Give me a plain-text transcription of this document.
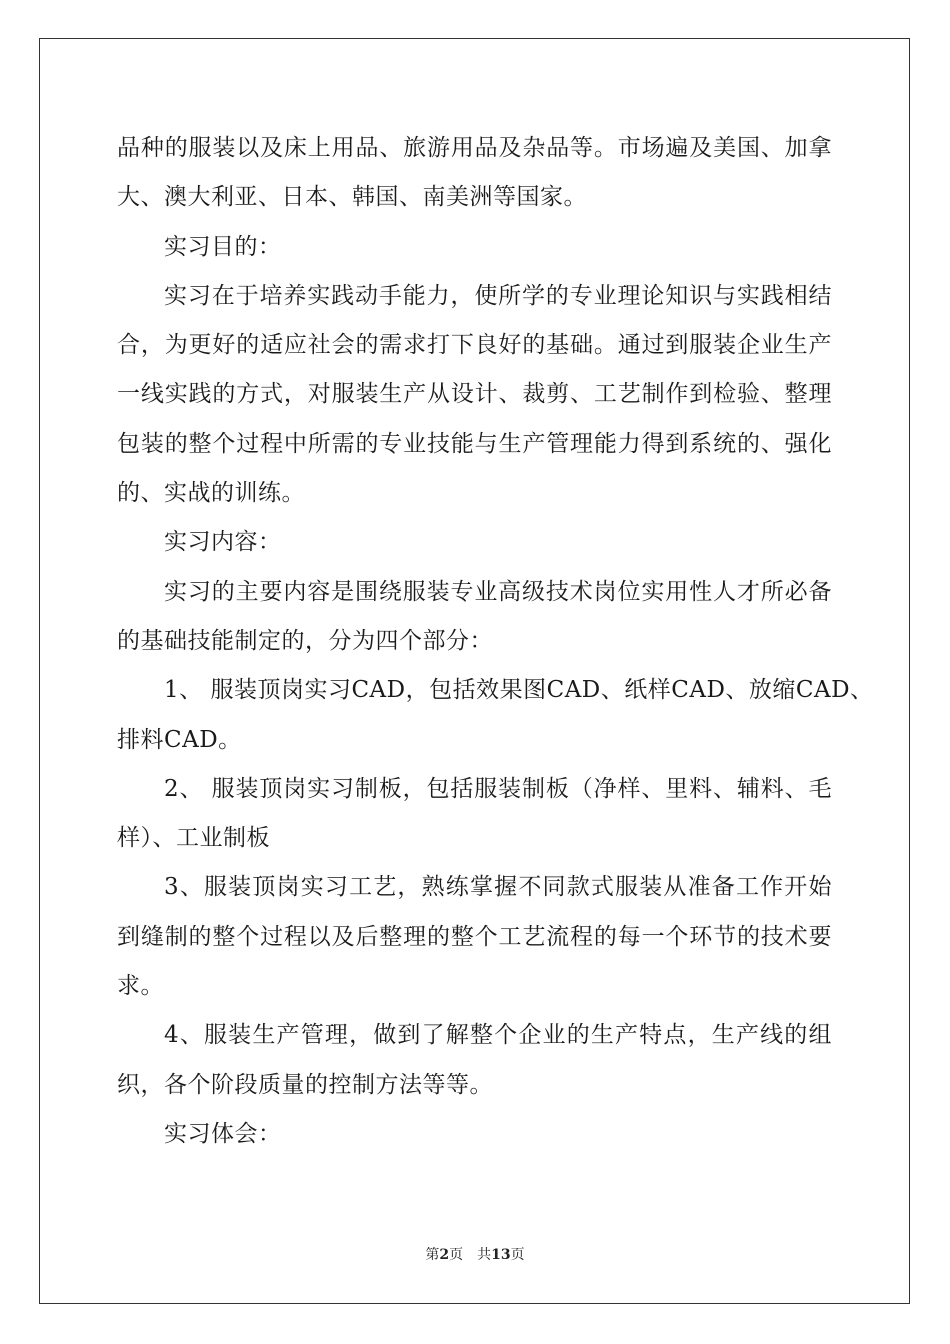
品种的服装以及床上用品、旅游用品及杂品等。市场遍及美国、加拿
大、澳大利亚、日本、韩国、南美洲等国家。
实习目的：
实习在于培养实践动手能力，使所学的专业理论知识与实践相结
合，为更好的适应社会的需求打下良好的基础。通过到服装企业生产
一线实践的方式，对服装生产从设计、裁剪、工艺制作到检验、整理
包装的整个过程中所需的专业技能与生产管理能力得到系统的、强化
的、实战的训练。
实习内容：
实习的主要内容是围绕服装专业高级技术岗位实用性人才所必备
的基础技能制定的，分为四个部分：
1、 服装顶岗实习CAD，包括效果图CAD、纸样CAD、放缩CAD、
排料CAD。
2、 服装顶岗实习制板，包括服装制板（净样、里料、辅料、毛
样）、工业制板
3、服装顶岗实习工艺，熟练掌握不同款式服装从准备工作开始
到缝制的整个过程以及后整理的整个工艺流程的每一个环节的技术要
求。
4、服装生产管理，做到了解整个企业的生产特点，生产线的组
织，各个阶段质量的控制方法等等。
实习体会：
第2页 共13页
